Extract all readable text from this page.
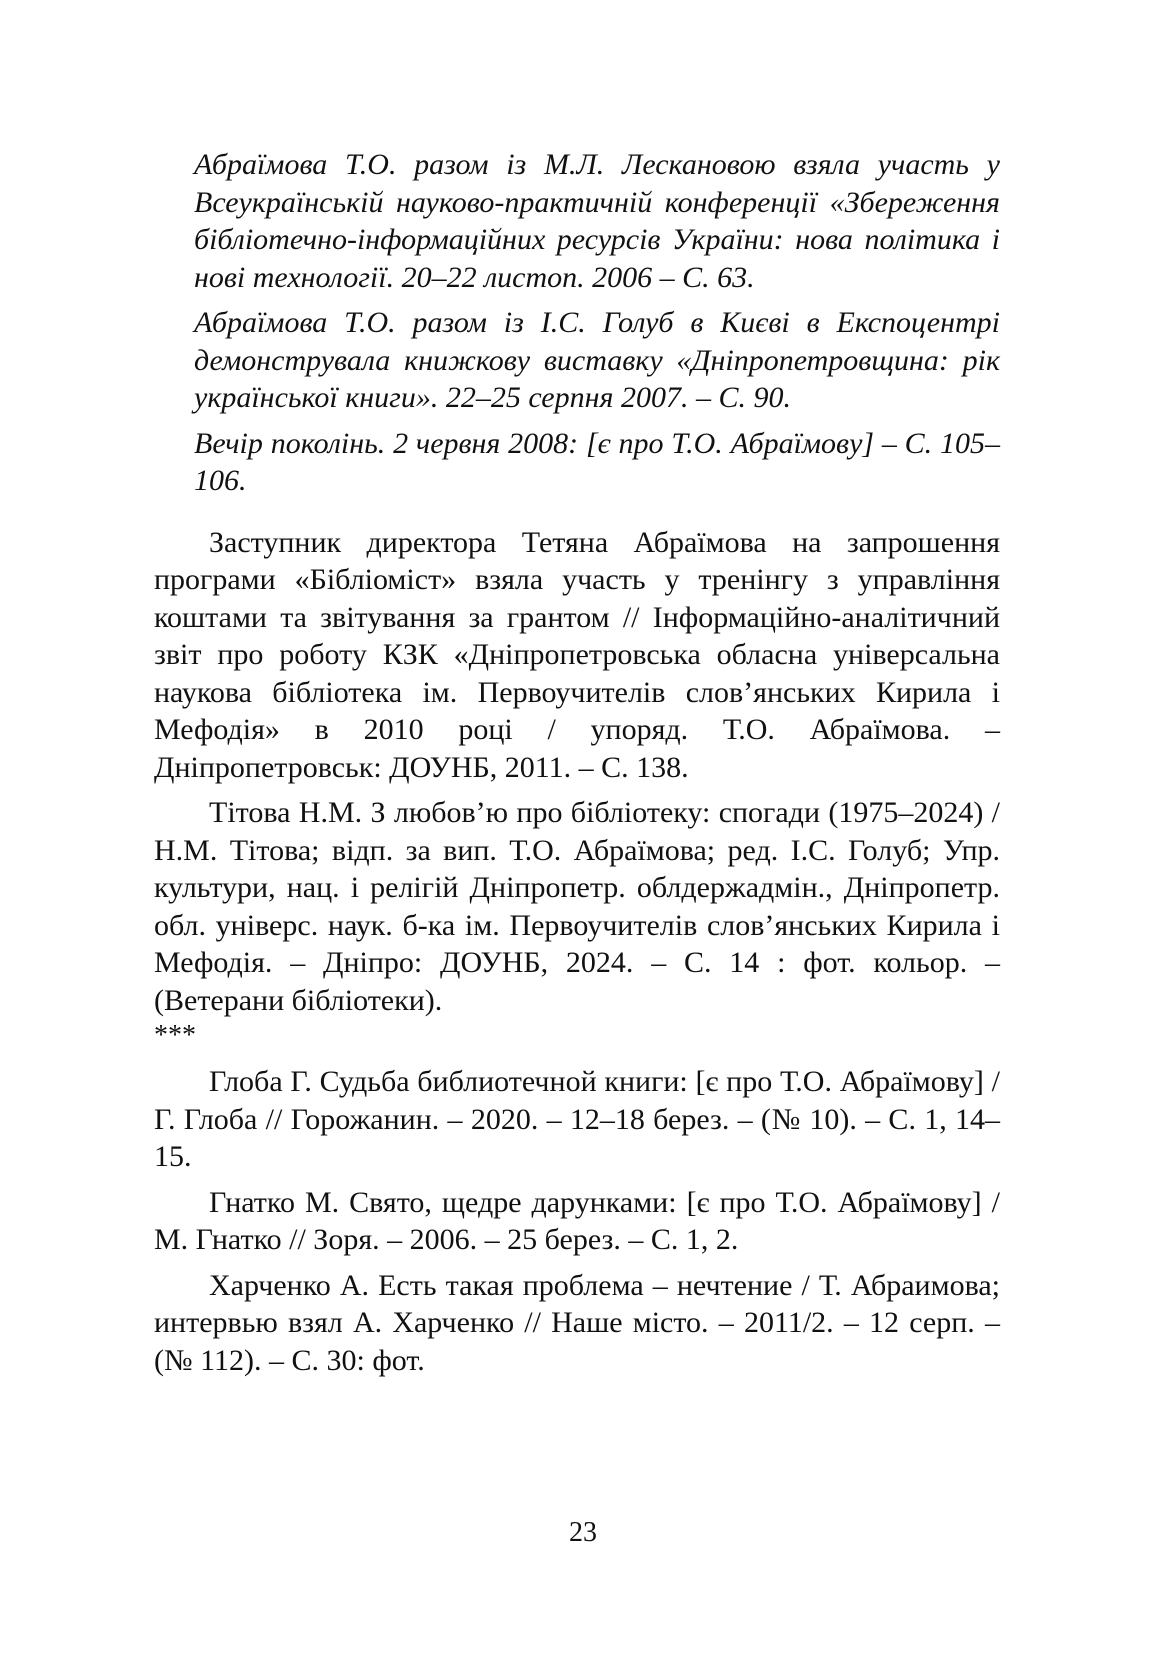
Абраїмова Т.О. разом із М.Л. Лескановою взяла участь у Всеукраїнській науково-практичній конференції «Збереження бібліотечно-інформаційних ресурсів України: нова політика і нові технології. 20–22 листоп. 2006 – С. 63.

Абраїмова Т.О. разом із І.С. Голуб в Києві в Експоцентрі демонструвала книжкову виставку «Дніпропетровщина: рік української книги». 22–25 серпня 2007. – С. 90.

Вечір поколінь. 2 червня 2008: [є про Т.О. Абраїмову] – С. 105–106.

Заступник директора Тетяна Абраїмова на запрошення програми «Бібліоміст» взяла участь у тренінгу з управління коштами та звітування за грантом // Інформаційно-аналітичний звіт про роботу КЗК «Дніпропетровська обласна універсальна наукова бібліотека ім. Первоучителів слов’янських Кирила і Мефодія» в 2010 році / упоряд. Т.О. Абраїмова. – Дніпропетровськ: ДОУНБ, 2011. – С. 138.

Тітова Н.М. З любов’ю про бібліотеку: спогади (1975–2024) / Н.М. Тітова; відп. за вип. Т.О. Абраїмова; ред. І.С. Голуб; Упр. культури, нац. і релігій Дніпропетр. облдержадмін., Дніпропетр. обл. універс. наук. б-ка ім. Первоучителів слов’янських Кирила і Мефодія. – Дніпро: ДОУНБ, 2024. – С. 14 : фот. кольор. – (Ветерани бібліотеки).

***

Глоба Г. Судьба библиотечной книги: [є про Т.О. Абраїмову] / Г. Глоба // Горожанин. – 2020. – 12–18 берез. – (№ 10). – С. 1, 14–15.

Гнатко М. Свято, щедре дарунками: [є про Т.О. Абраїмову] / М. Гнатко // Зоря. – 2006. – 25 берез. – С. 1, 2.

Харченко А. Есть такая проблема – нечтение / Т. Абраимова; интервью взял А. Харченко // Наше місто. – 2011/2. – 12 серп. – (№ 112). – С. 30: фот.

23
